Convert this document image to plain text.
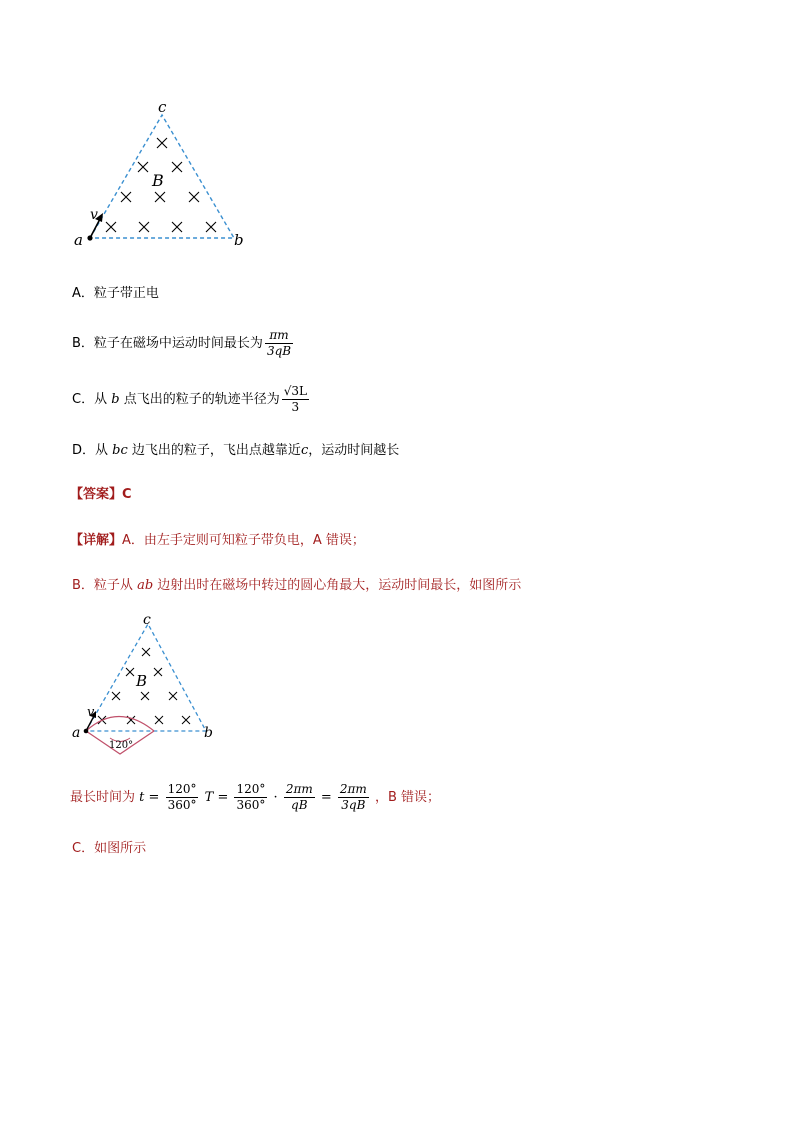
v
c
a	b
B
A．粒子带正电
B．粒子在磁场中运动时间最长为 $\frac{\pi m}{3qB}$
C．从 b 点飞出的粒子的轨迹半径为 $\frac{√3L}{3}$
D．从 bc 边飞出的粒子，飞出点越靠近c，运动时间越长
【答案】C
【详解】A．由左手定则可知粒子带负电，A 错误；
B．粒子从 ab 边射出时在磁场中转过的圆心角最大，运动时间最长，如图所示
v
c
a	b
B
120°
最长时间为 $t = \frac{120^\circ}{360^\circ}$ $T = \frac{120^\circ}{360^\circ} \cdot \frac{2\pi m}{qB} = \frac{2\pi m}{3qB}$ ，B 错误；
C．如图所示
